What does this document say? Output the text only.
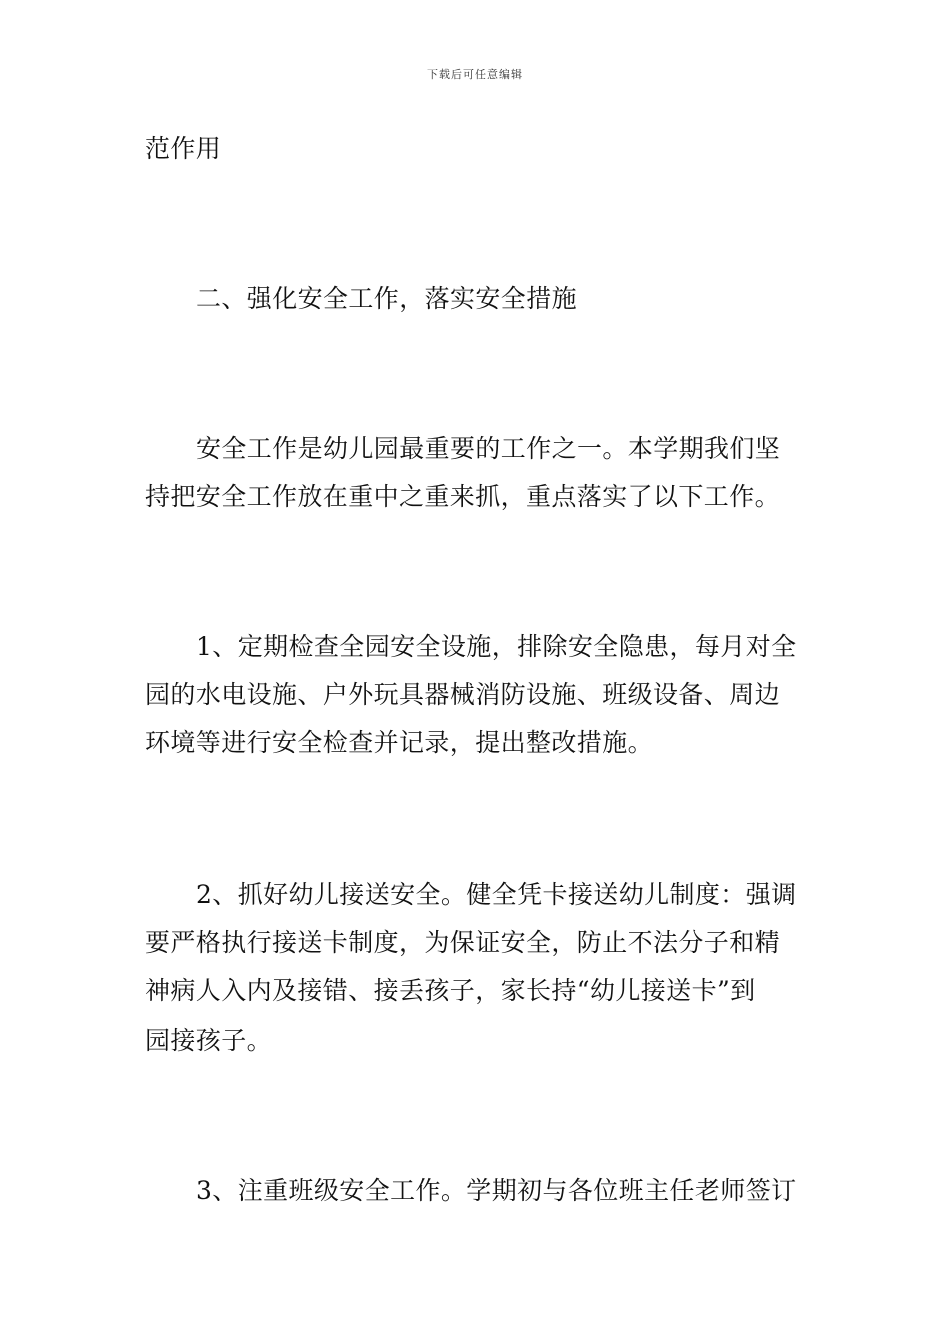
下载后可任意编辑
范作用
二、强化安全工作，落实安全措施
安全工作是幼儿园最重要的工作之一。本学期我们坚
持把安全工作放在重中之重来抓，重点落实了以下工作。
1、定期检查全园安全设施，排除安全隐患，每月对全
园的水电设施、户外玩具器械消防设施、班级设备、周边
环境等进行安全检查并记录，提出整改措施。
2、抓好幼儿接送安全。健全凭卡接送幼儿制度：强调
要严格执行接送卡制度，为保证安全，防止不法分子和精
神病人入内及接错、接丢孩子，家长持“幼儿接送卡”到
园接孩子。
3、注重班级安全工作。学期初与各位班主任老师签订
